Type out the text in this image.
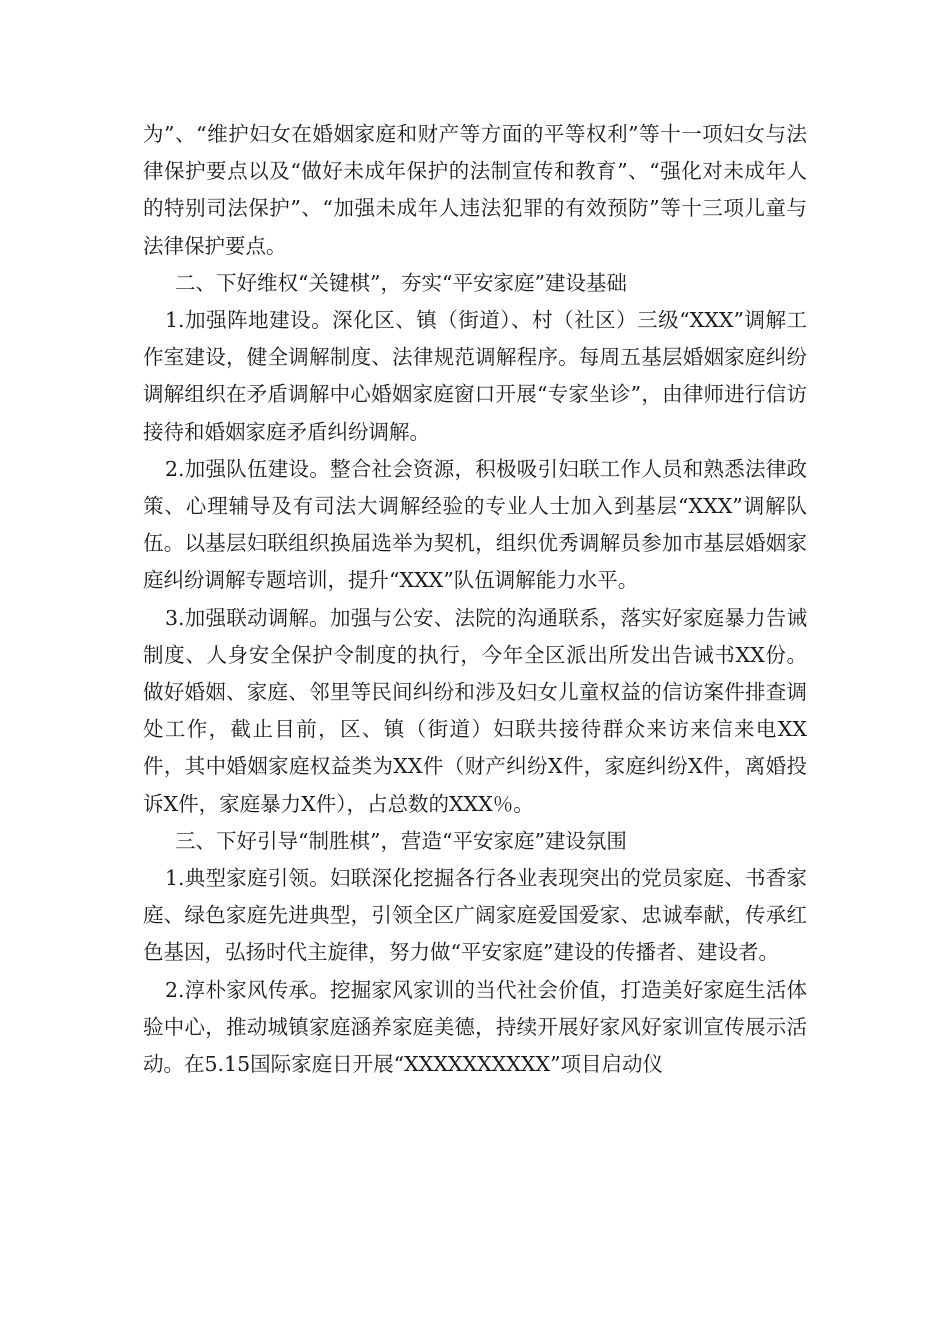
为”、“维护妇女在婚姻家庭和财产等方面的平等权利”等十一项妇女与法律保护要点以及“做好未成年保护的法制宣传和教育”、“强化对未成年人的特别司法保护”、“加强未成年人违法犯罪的有效预防”等十三项儿童与法律保护要点。

二、下好维权“关键棋”，夯实“平安家庭”建设基础

1.加强阵地建设。深化区、镇（街道）、村（社区）三级“XXX”调解工作室建设，健全调解制度、法律规范调解程序。每周五基层婚姻家庭纠纷调解组织在矛盾调解中心婚姻家庭窗口开展“专家坐诊”，由律师进行信访接待和婚姻家庭矛盾纠纷调解。

2.加强队伍建设。整合社会资源，积极吸引妇联工作人员和熟悉法律政策、心理辅导及有司法大调解经验的专业人士加入到基层“XXX”调解队伍。以基层妇联组织换届选举为契机，组织优秀调解员参加市基层婚姻家庭纠纷调解专题培训，提升“XXX”队伍调解能力水平。

3.加强联动调解。加强与公安、法院的沟通联系，落实好家庭暴力告诫制度、人身安全保护令制度的执行，今年全区派出所发出告诫书XX份。做好婚姻、家庭、邻里等民间纠纷和涉及妇女儿童权益的信访案件排查调处工作，截止目前，区、镇（街道）妇联共接待群众来访来信来电XX件，其中婚姻家庭权益类为XX件（财产纠纷X件，家庭纠纷X件，离婚投诉X件，家庭暴力X件），占总数的XXX％。

三、下好引导“制胜棋”，营造“平安家庭”建设氛围

1.典型家庭引领。妇联深化挖掘各行各业表现突出的党员家庭、书香家庭、绿色家庭先进典型，引领全区广阔家庭爱国爱家、忠诚奉献，传承红色基因，弘扬时代主旋律，努力做“平安家庭”建设的传播者、建设者。

2.淳朴家风传承。挖掘家风家训的当代社会价值，打造美好家庭生活体验中心，推动城镇家庭涵养家庭美德，持续开展好家风好家训宣传展示活动。在5.15国际家庭日开展“XXXXXXXXXX”项目启动仪
